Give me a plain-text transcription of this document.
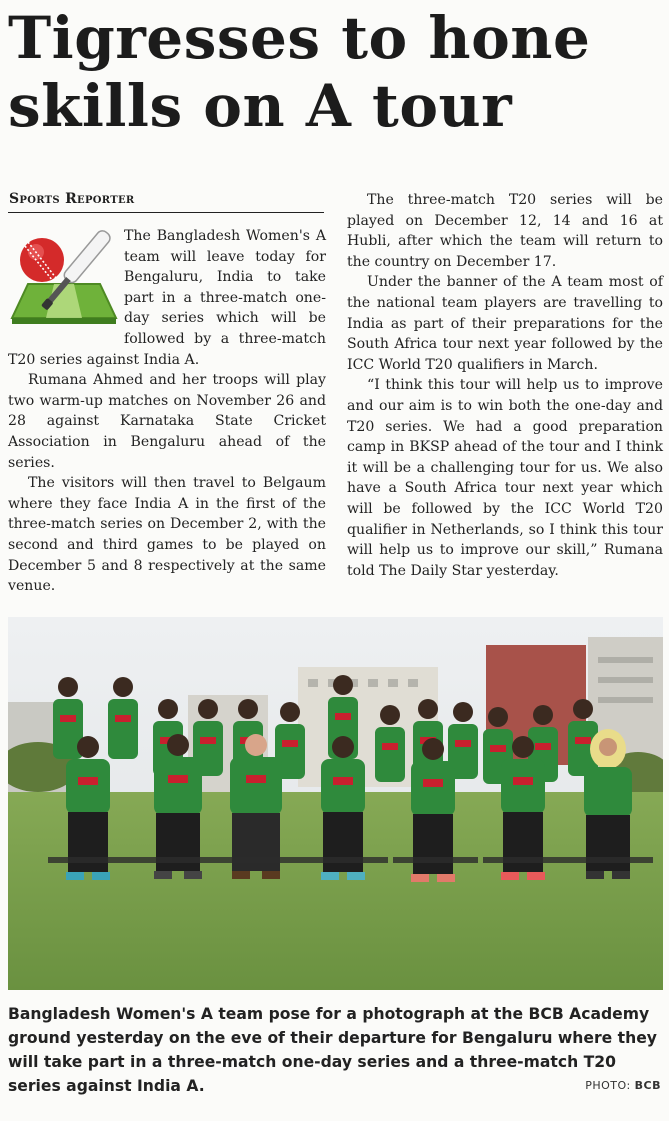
Tigresses to hone
skills on A tour
Sports Reporter

The Bangladesh Women's A team will leave today for Bengaluru, India to take part in a three-match one-day series which will be followed by a three-match T20 series against India A.

Rumana Ahmed and her troops will play two warm-up matches on November 26 and 28 against Karnataka State Cricket Association in Bengaluru ahead of the series.

The visitors will then travel to Belgaum where they face India A in the first of the three-match series on December 2, with the second and third games to be played on December 5 and 8 respectively at the same venue.

The three-match T20 series will be played on December 12, 14 and 16 at Hubli, after which the team will return to the country on December 17.

Under the banner of the A team most of the national team players are travelling to India as part of their preparations for the South Africa tour next year followed by the ICC World T20 qualifiers in March.

“I think this tour will help us to improve and our aim is to win both the one-day and T20 series. We had a good preparation camp in BKSP ahead of the tour and I think it will be a challenging tour for us. We also have a South Africa tour next year which will be followed by the ICC World T20 qualifier in Netherlands, so I think this tour will help us to improve our skill,” Rumana told The Daily Star yesterday.

Bangladesh Women's A team pose for a photograph at the BCB Academy ground yesterday on the eve of their departure for Bengaluru where they will take part in a three-match one-day series and a three-match T20 series against India A.	PHOTO: BCB
